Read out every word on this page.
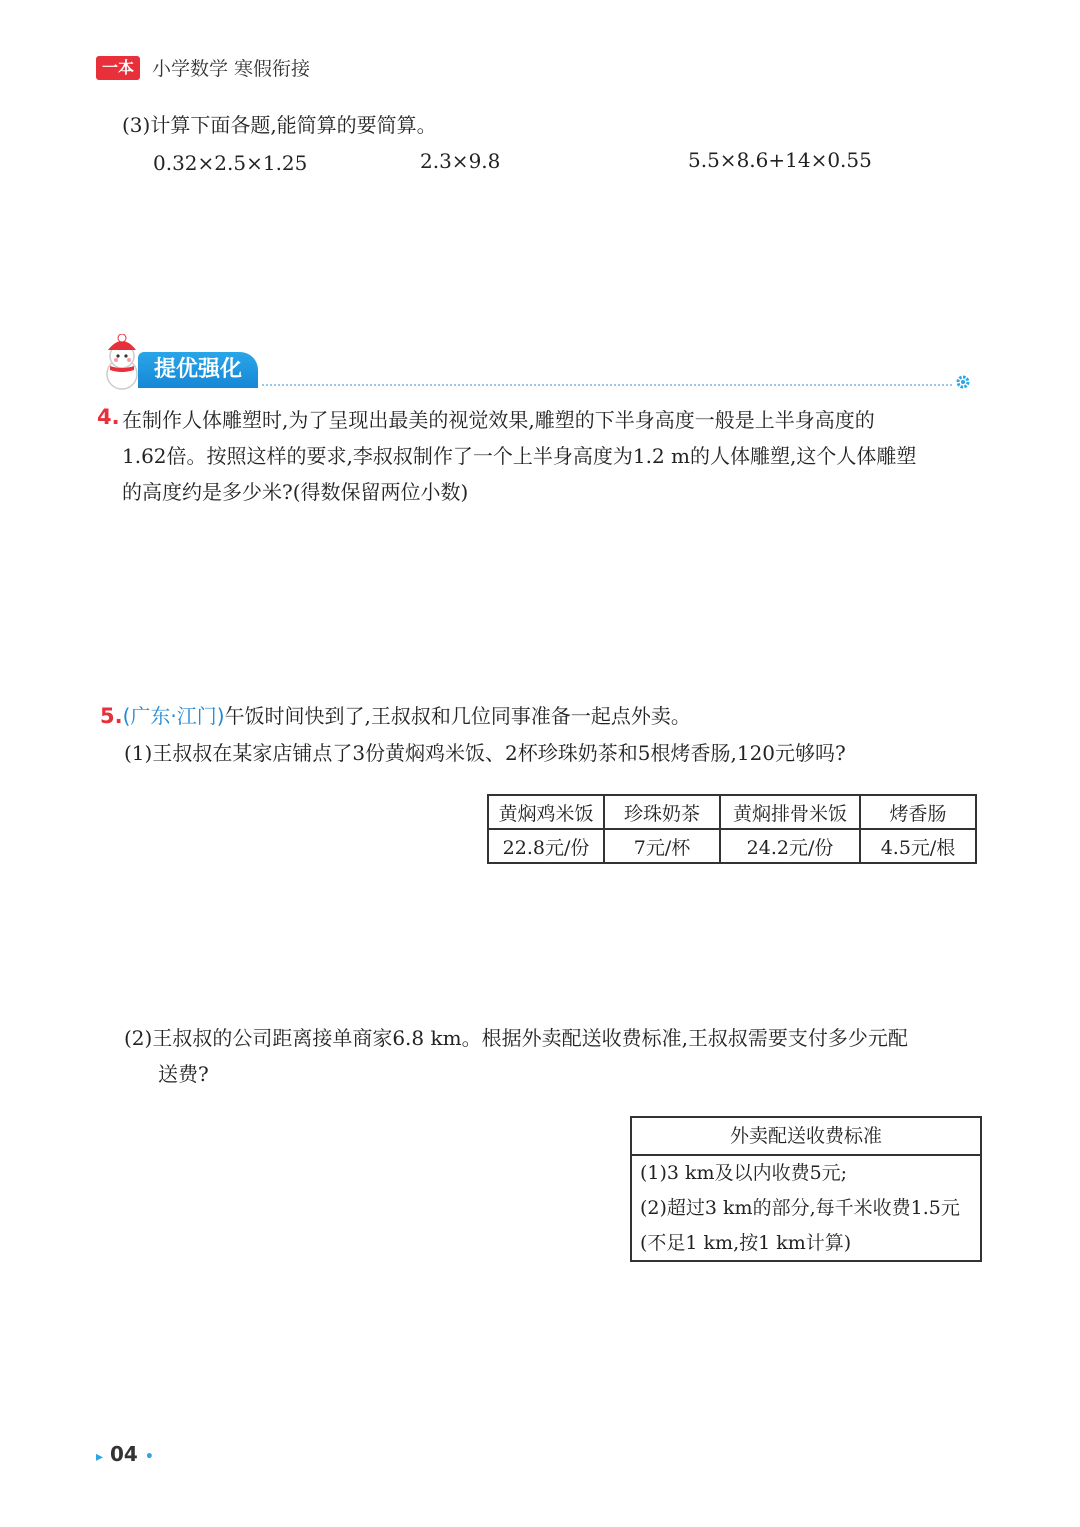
一本 小学数学 寒假衔接
(3)计算下面各题,能简算的要简算。
0.32×2.5×1.25	2.3×9.8	5.5×8.6+14×0.55
提优强化
4. 在制作人体雕塑时,为了呈现出最美的视觉效果,雕塑的下半身高度一般是上半身高度的
1.62倍。按照这样的要求,李叔叔制作了一个上半身高度为1.2 m的人体雕塑,这个人体雕塑
的高度约是多少米?(得数保留两位小数)
5.(广东·江门)午饭时间快到了,王叔叔和几位同事准备一起点外卖。
(1)王叔叔在某家店铺点了3份黄焖鸡米饭、2杯珍珠奶茶和5根烤香肠,120元够吗?
黄焖鸡米饭	珍珠奶茶	黄焖排骨米饭	烤香肠
22.8元/份	7元/杯	24.2元/份	4.5元/根
(2)王叔叔的公司距离接单商家6.8 km。根据外卖配送收费标准,王叔叔需要支付多少元配
送费?
外卖配送收费标准
(1)3 km及以内收费5元;
(2)超过3 km的部分,每千米收费1.5元
(不足1 km,按1 km计算)
▸ 04 •
